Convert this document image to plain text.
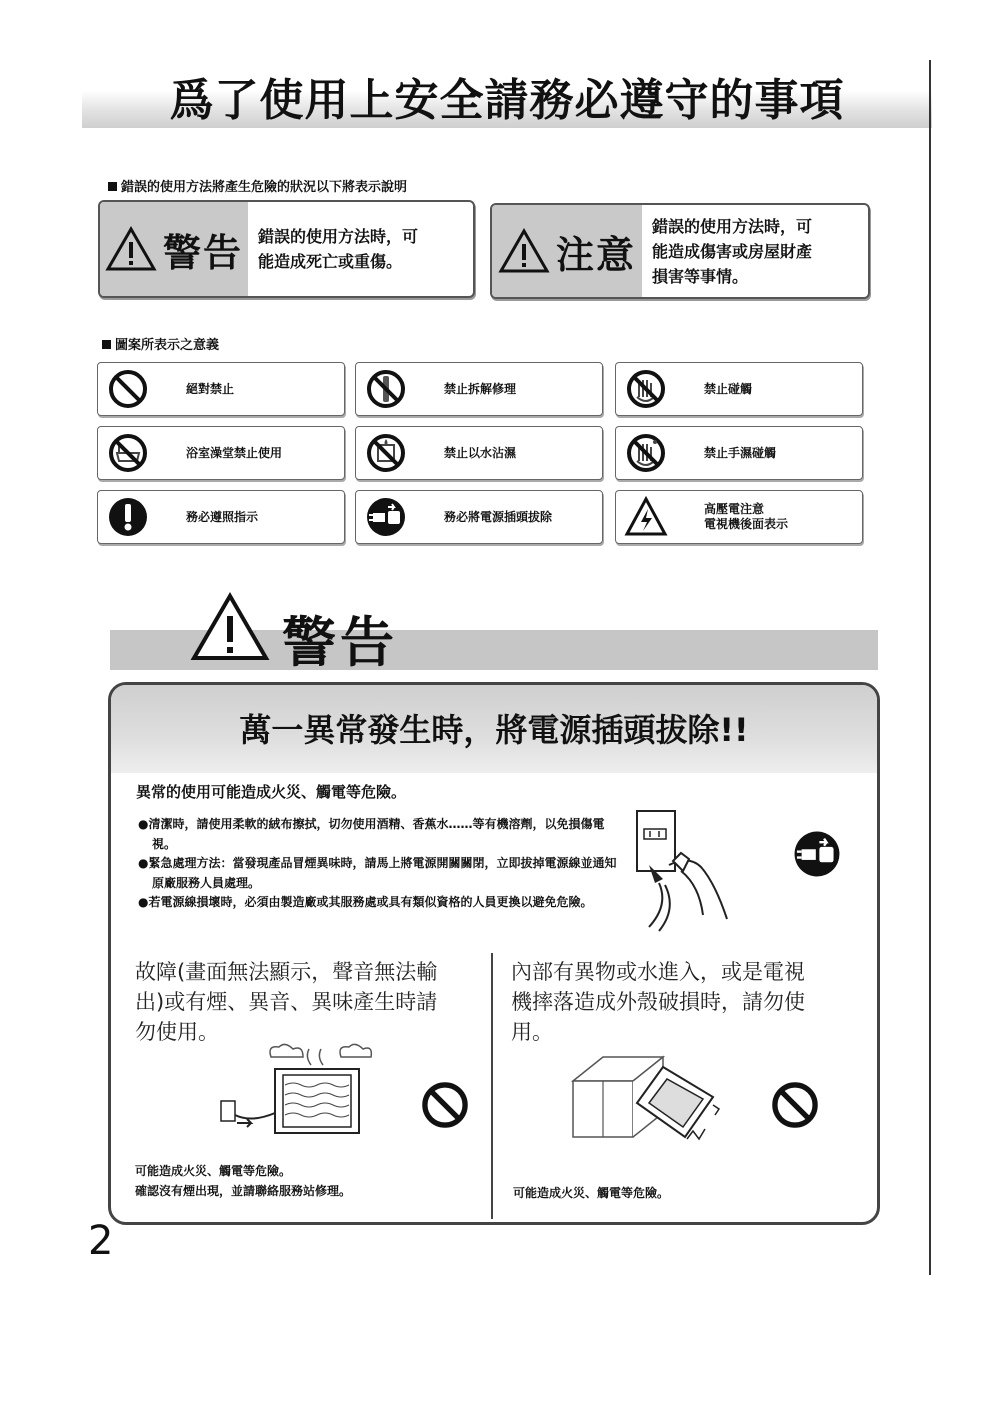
爲了使用上安全請務必遵守的事項
錯誤的使用方法將產生危險的狀況以下將表示說明
警告 錯誤的使用方法時，可
能造成死亡或重傷。	注意
錯誤的使用方法時，可
能造成傷害或房屋財產
損害等事情。
圖案所表示之意義
絕對禁止	禁止拆解修理	禁止碰觸
浴室澡堂禁止使用	禁止以水沾濕	禁止手濕碰觸
務必遵照指示	務必將電源插頭拔除
高壓電注意
電視機後面表示
警告
萬一異常發生時，將電源插頭拔除!!
異常的使用可能造成火災、觸電等危險。
●清潔時，請使用柔軟的絨布擦拭，切勿使用酒精、香蕉水……等有機溶劑，以免損傷電視。
●緊急處理方法：當發現產品冒煙異味時，請馬上將電源開關關閉，立即拔掉電源線並通知原廠服務人員處理。
●若電源線損壞時，必須由製造廠或其服務處或具有類似資格的人員更換以避免危險。
故障(畫面無法顯示，聲音無法輸
出)或有煙、異音、異味產生時請
勿使用。
可能造成火災、觸電等危險。
確認沒有煙出現，並請聯絡服務站修理。
內部有異物或水進入，或是電視
機摔落造成外殼破損時，請勿使
用。
可能造成火災、觸電等危險。
2
